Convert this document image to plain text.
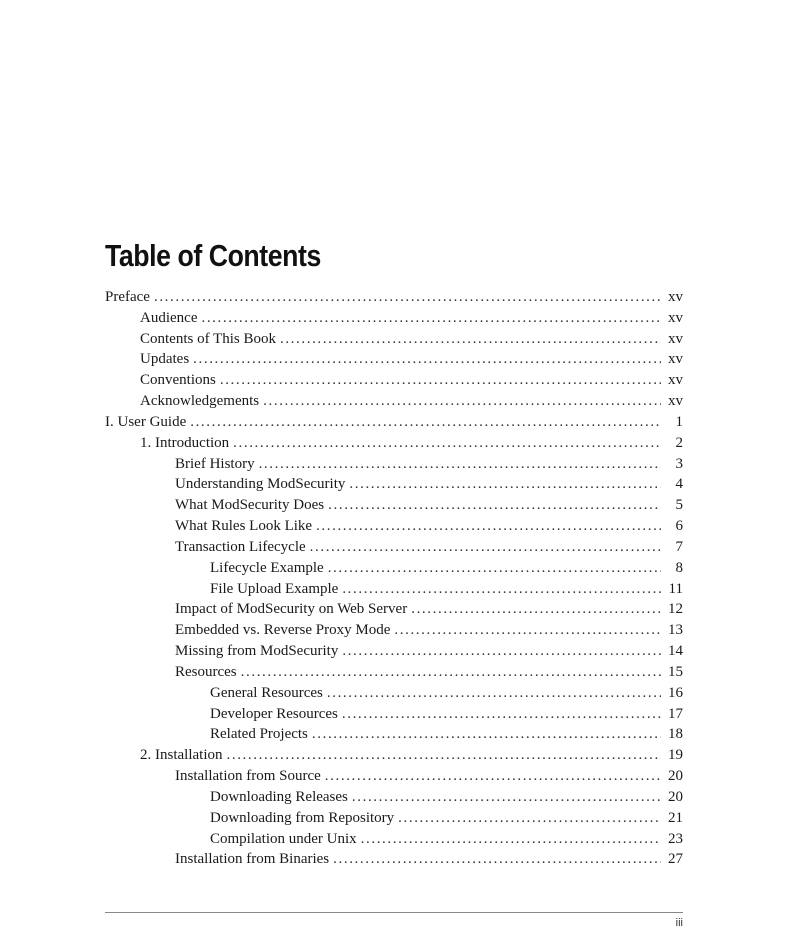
Table of Contents
Preface .....	xv
Audience .....	xv
Contents of This Book .....	xv
Updates .....	xv
Conventions .....	xv
Acknowledgements .....	xv
I. User Guide .....	1
1. Introduction .....	2
Brief History .....	3
Understanding ModSecurity .....	4
What ModSecurity Does .....	5
What Rules Look Like .....	6
Transaction Lifecycle .....	7
Lifecycle Example .....	8
File Upload Example .....	11
Impact of ModSecurity on Web Server .....	12
Embedded vs. Reverse Proxy Mode .....	13
Missing from ModSecurity .....	14
Resources .....	15
General Resources .....	16
Developer Resources .....	17
Related Projects .....	18
2. Installation .....	19
Installation from Source .....	20
Downloading Releases .....	20
Downloading from Repository .....	21
Compilation under Unix .....	23
Installation from Binaries .....	27
iii
